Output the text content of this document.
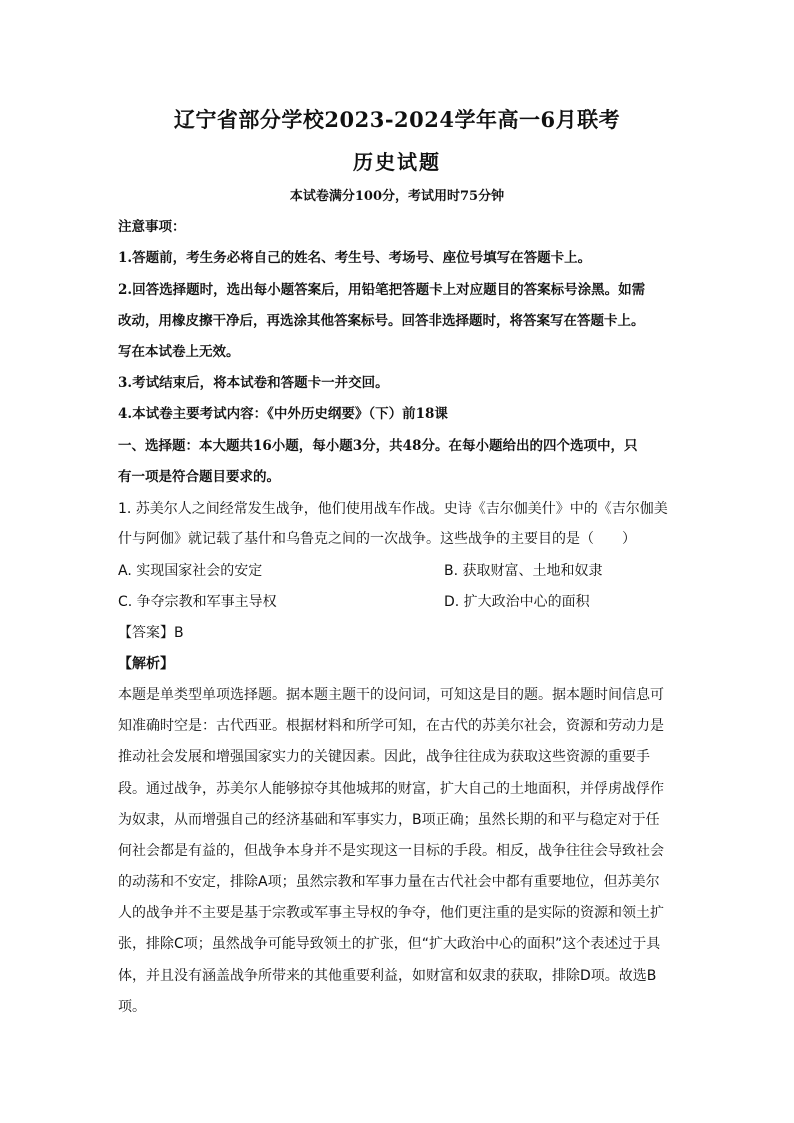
辽宁省部分学校2023-2024学年高一6月联考
历史试题
本试卷满分100分，考试用时75分钟
注意事项：
1.答题前，考生务必将自己的姓名、考生号、考场号、座位号填写在答题卡上。
2.回答选择题时，选出每小题答案后，用铅笔把答题卡上对应题目的答案标号涂黑。如需
改动，用橡皮擦干净后，再选涂其他答案标号。回答非选择题时，将答案写在答题卡上。
写在本试卷上无效。
3.考试结束后，将本试卷和答题卡一并交回。
4.本试卷主要考试内容：《中外历史纲要》（下）前18课
一、选择题：本大题共16小题，每小题3分，共48分。在每小题给出的四个选项中，只
有一项是符合题目要求的。
1. 苏美尔人之间经常发生战争，他们使用战车作战。史诗《吉尔伽美什》中的《吉尔伽美
什与阿伽》就记载了基什和乌鲁克之间的一次战争。这些战争的主要目的是（　　）
A. 实现国家社会的安定	B. 获取财富、土地和奴隶
C. 争夺宗教和军事主导权	D. 扩大政治中心的面积
【答案】B
【解析】
本题是单类型单项选择题。据本题主题干的设问词，可知这是目的题。据本题时间信息可
知准确时空是：古代西亚。根据材料和所学可知，在古代的苏美尔社会，资源和劳动力是
推动社会发展和增强国家实力的关键因素。因此，战争往往成为获取这些资源的重要手
段。通过战争，苏美尔人能够掠夺其他城邦的财富，扩大自己的土地面积，并俘虏战俘作
为奴隶，从而增强自己的经济基础和军事实力，B项正确；虽然长期的和平与稳定对于任
何社会都是有益的，但战争本身并不是实现这一目标的手段。相反，战争往往会导致社会
的动荡和不安定，排除A项；虽然宗教和军事力量在古代社会中都有重要地位，但苏美尔
人的战争并不主要是基于宗教或军事主导权的争夺，他们更注重的是实际的资源和领土扩
张，排除C项；虽然战争可能导致领土的扩张，但“扩大政治中心的面积”这个表述过于具
体，并且没有涵盖战争所带来的其他重要利益，如财富和奴隶的获取，排除D项。故选B
项。
